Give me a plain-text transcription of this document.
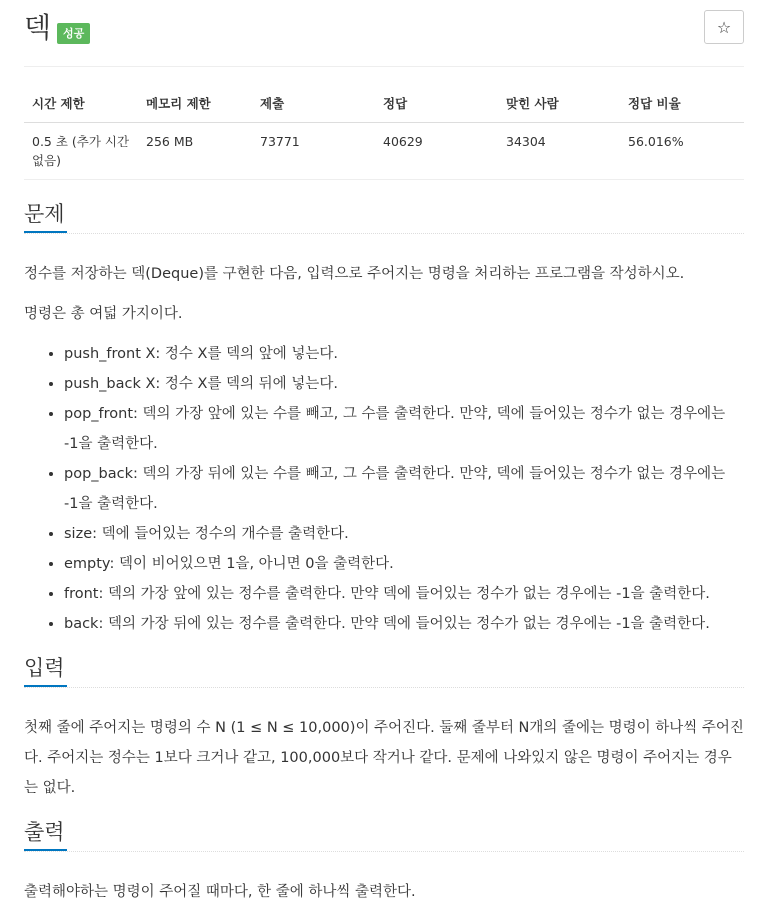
덱	성공	☆
시간 제한	메모리 제한	제출	정답	맞힌 사람	정답 비율
0.5 초 (추가 시간 없음)	256 MB	73771	40629	34304	56.016%
문제

정수를 저장하는 덱(Deque)를 구현한 다음, 입력으로 주어지는 명령을 처리하는 프로그램을 작성하시오.

명령은 총 여덟 가지이다.

• push_front X: 정수 X를 덱의 앞에 넣는다.
• push_back X: 정수 X를 덱의 뒤에 넣는다.
• pop_front: 덱의 가장 앞에 있는 수를 빼고, 그 수를 출력한다. 만약, 덱에 들어있는 정수가 없는 경우에는 -1을 출력한다.
• pop_back: 덱의 가장 뒤에 있는 수를 빼고, 그 수를 출력한다. 만약, 덱에 들어있는 정수가 없는 경우에는 -1을 출력한다.
• size: 덱에 들어있는 정수의 개수를 출력한다.
• empty: 덱이 비어있으면 1을, 아니면 0을 출력한다.
• front: 덱의 가장 앞에 있는 정수를 출력한다. 만약 덱에 들어있는 정수가 없는 경우에는 -1을 출력한다.
• back: 덱의 가장 뒤에 있는 정수를 출력한다. 만약 덱에 들어있는 정수가 없는 경우에는 -1을 출력한다.
입력

첫째 줄에 주어지는 명령의 수 N (1 ≤ N ≤ 10,000)이 주어진다. 둘째 줄부터 N개의 줄에는 명령이 하나씩 주어진다. 주어지는 정수는 1보다 크거나 같고, 100,000보다 작거나 같다. 문제에 나와있지 않은 명령이 주어지는 경우는 없다.

출력

출력해야하는 명령이 주어질 때마다, 한 줄에 하나씩 출력한다.
